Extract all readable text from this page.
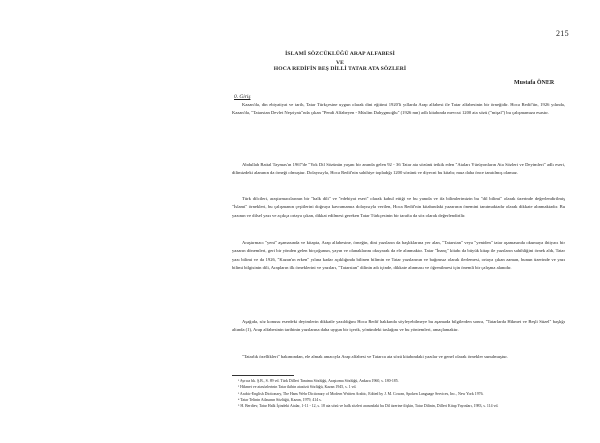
215
İSLAMÎ SÖZCÜKLÜĞÜ ARAP ALFABESİ
VE
HOCA REDİFİN BEŞ DİLLİ TATAR ATA SÖZLERİ
Mustafa ÖNER
0. Giriş

Kazan'da, din ebiyatiyat ve tarih, Tatar Türkçesine uygun olarak dini eğitimi 1920'li yıllarda Arap alfabesi ile Tatar alfabesinin bir örneğidir. Hoca Redif'tin, 1926 yılında, Kazan'da, "Tatarstan Devlet Neşriyatı"nda çıkan "Pendi Alfabeyen - Müslim Dahygmoğlu" (1926 mn) adlı kitabında mevcut 1200 ata sözü ("mişal") bu çalışmamıza esastır.

Abdullah Battal Taymas'ın 1967'de "Yok Dil Sözünün yaşını bir anında gelen 92 - 36 Tatar ata sözünü tetkik eden "Ataları Yürüyonların Ata Sözleri ve Deyimleri" adlı eseri, dilimizdeki alanının da örneği olmuştur. Dolayısıyla, Hoca Redif'nin sahihiye topladığı 1200 sözünü ve diyecni bu kitabı; muz daha önce tanıtılmış olamaz.

Türk dilcileri, araştırmacılarının bir "halk dili" ve "edebiyat eseri" olarak kabul ettiği ve bu yanıda ve ifa bilimlerimizin bu "dil bilimi" olarak üzerinde değerlendirilmiş "İslami" örnekleri, bu çalışmanın çeşitlerini doğruya kavramamız dolayısıyla verilen, Hoca Redif'nin kitabındaki yazarının önemini tanıtmaktadır olarak dikkate alınmaktadır. Bu yazının ve dilsel yazı ve açıkça ortaya çıkan, dikkat edilmesi gereken Tatar Türkçesinin bir tarafta da söz olarak değerlendirilir.

Araştırmacı "yeni" aşamasında ve kitapta, Arap alfabesine, örneğin, dini yazıların da başlıklarına yer alan, "Tatarstan" veya "yeniden" tatar aşamasında okumaya ihtiyacı bir yazarın dönemleri, geri bir yönden gelen birçoğunun, yayın ve olanaklarını okuyarak da ele alınmaktır. Tatar "İnanç" kitabı da büyük kitap ile yazıların sahihliğini örnek aldı, Tatar yazı bilimi ve da 1926, "Kazan'ın erken" yılına kadar açıklığında bilinen bilimin ve Tatar yazılarının ve bağımsız olarak ilerlemesi, ortaya çıkan zaman, bunun üzerinde ve yazı bilimi bilgisinin dili, Arapların ilk örneklerini ve yazıları, "Tatarstan" dilinin adı içinde, dikkate alınması ve öğrenilmesi için önemli bir çalışma alanıdır.

Aşağıda, söz konusu eserdeki deyimlerin dikkatle yazıldığını Hoca Redif hakkında söyleyebilmeye bu aşamada bilgilerden sonra, "Tatarlarda Hikmet ve Beşli Süzel" başlığı altında (1), Arap alfabesinin tarihinin yazılarına daha uygun bir içerik, yönündeki taslağını ve bu yöntemleri, amaçlamaktır.

"Tatarlık özellikleri" bakımından, ele almak amacıyla Arap alfabesi ve Tatarca ata sözü kitabındaki yazılar ve genel olarak örnekler sunulmuştur.

¹ Ayrıca bk. Ş.B., S. 89 vd. Türk Dilleri Tanıtma Sözlüğü, Araştırma Sözlüğü, Ankara 1960, s. 180-185.
² Hikmet ve atasözlerinin Tatar ikibin atasözü Sözlüğü, Kazan 1945, s. 1 vd.
³ Arabic-English Dictionary, The Hans Wehr Dictionary of Modern Written Arabic, Edited by J. M. Cowan, Spoken Language Services, Inc., New York 1976.
⁴ Tatar Telinin Atlasının Sözlüğü, Kazan, 1979, 414 s.
⁵ H. Berdiev, Tatar Halk İçindeki Atalar, 1-11 - 12, s. 18 ata sözü ve halk sözleri arasındaki bu Dil üzerine ilişkin, Tatar Dilinin, Dilleri Kitap Yayınları, 1983, s. 114 vd.
